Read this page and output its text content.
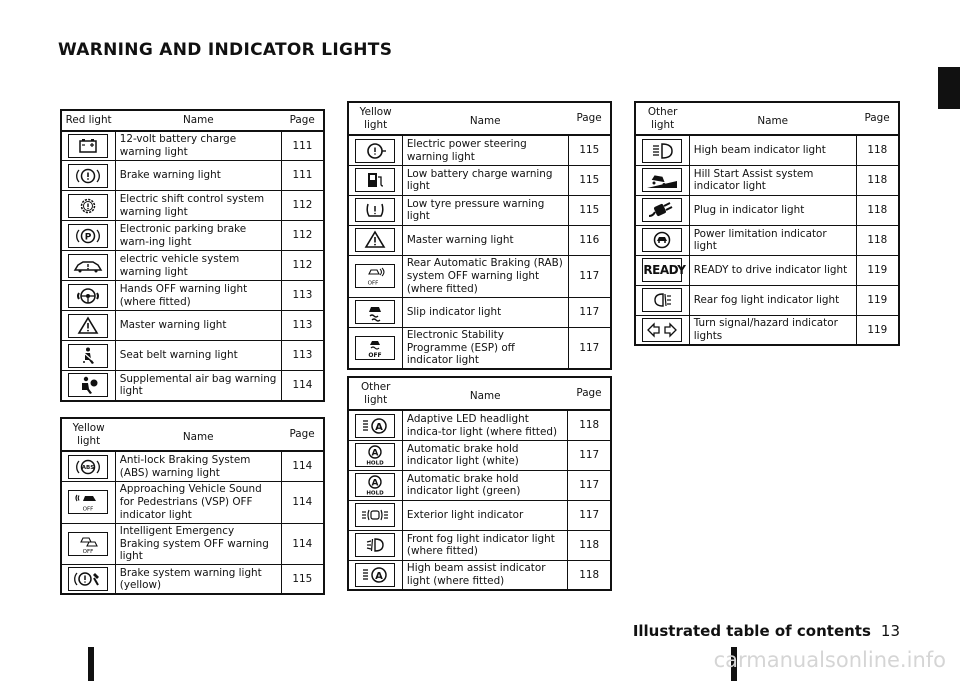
WARNING AND INDICATOR LIGHTS
Red light	Name	Page

	12-volt battery charge warning light	111

	Brake warning light	111

	Electric shift control system warning light	112

P	Electronic parking brake warn-ing light	112

	electric vehicle system warning light	112

	Hands OFF warning light (where fitted)	113

	Master warning light	113

	Seat belt warning light	113

	Supplemental air bag warning light	114
Yellow light	Name	Page

ABS	Anti-lock Braking System (ABS) warning light	114

OFF	Approaching Vehicle Sound for Pedestrians (VSP) OFF indicator light	114

OFF	Intelligent Emergency Braking system OFF warning light	114

	Brake system warning light (yellow)	115
Yellow light	Name	Page

	Electric power steering warning light	115

	Low battery charge warning light	115

	Low tyre pressure warning light	115

	Master warning light	116

OFF	Rear Automatic Braking (RAB) system OFF warning light (where fitted)	117

	Slip indicator light	117

OFF	Electronic Stability Programme (ESP) off indicator light	117
Other light	Name	Page

A	Adaptive LED headlight indica-tor light (where fitted)	118

A
HOLD	Automatic brake hold indicator light (white)	117

A
HOLD	Automatic brake hold indicator light (green)	117

	Exterior light indicator	117

	Front fog light indicator light (where fitted)	118

A	High beam assist indicator light (where fitted)	118
Other light	Name	Page

	High beam indicator light	118

	Hill Start Assist system indicator light	118

	Plug in indicator light	118

	Power limitation indicator light	118
READY	READY to drive indicator light	119

	Rear fog light indicator light	119

	Turn signal/hazard indicator lights	119
Illustrated table of contents 13
carmanualsonline.info
